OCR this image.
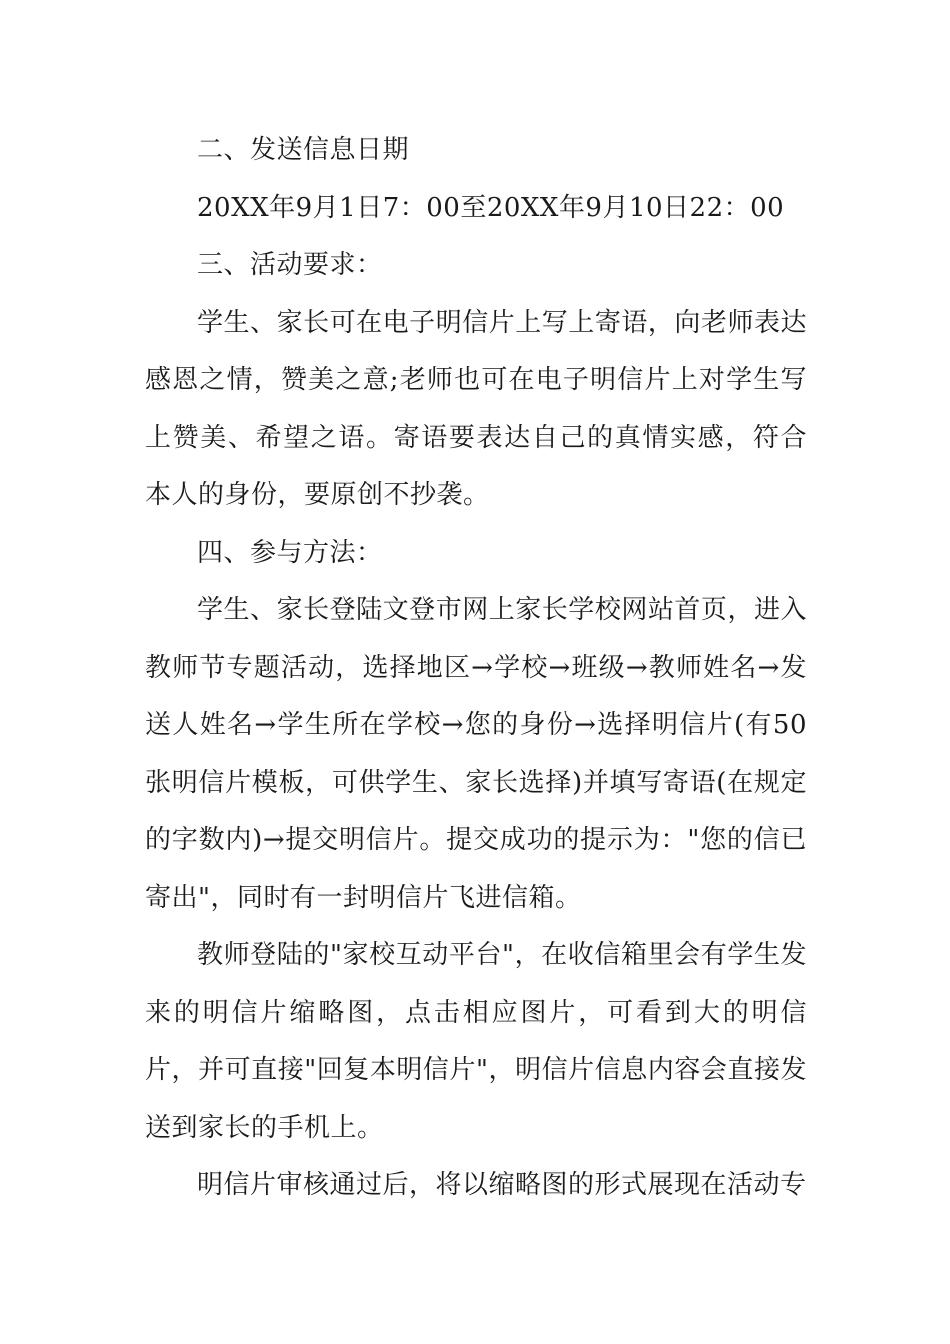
二、发送信息日期

20XX年9月1日7：00至20XX年9月10日22：00

三、活动要求：

学生、家长可在电子明信片上写上寄语，向老师表达感恩之情，赞美之意;老师也可在电子明信片上对学生写上赞美、希望之语。寄语要表达自己的真情实感，符合本人的身份，要原创不抄袭。

四、参与方法：

学生、家长登陆文登市网上家长学校网站首页，进入教师节专题活动，选择地区→学校→班级→教师姓名→发送人姓名→学生所在学校→您的身份→选择明信片(有50张明信片模板，可供学生、家长选择)并填写寄语(在规定的字数内)→提交明信片。提交成功的提示为："您的信已寄出"，同时有一封明信片飞进信箱。

教师登陆的"家校互动平台"，在收信箱里会有学生发来的明信片缩略图，点击相应图片，可看到大的明信片，并可直接"回复本明信片"，明信片信息内容会直接发送到家长的手机上。

明信片审核通过后，将以缩略图的形式展现在活动专
